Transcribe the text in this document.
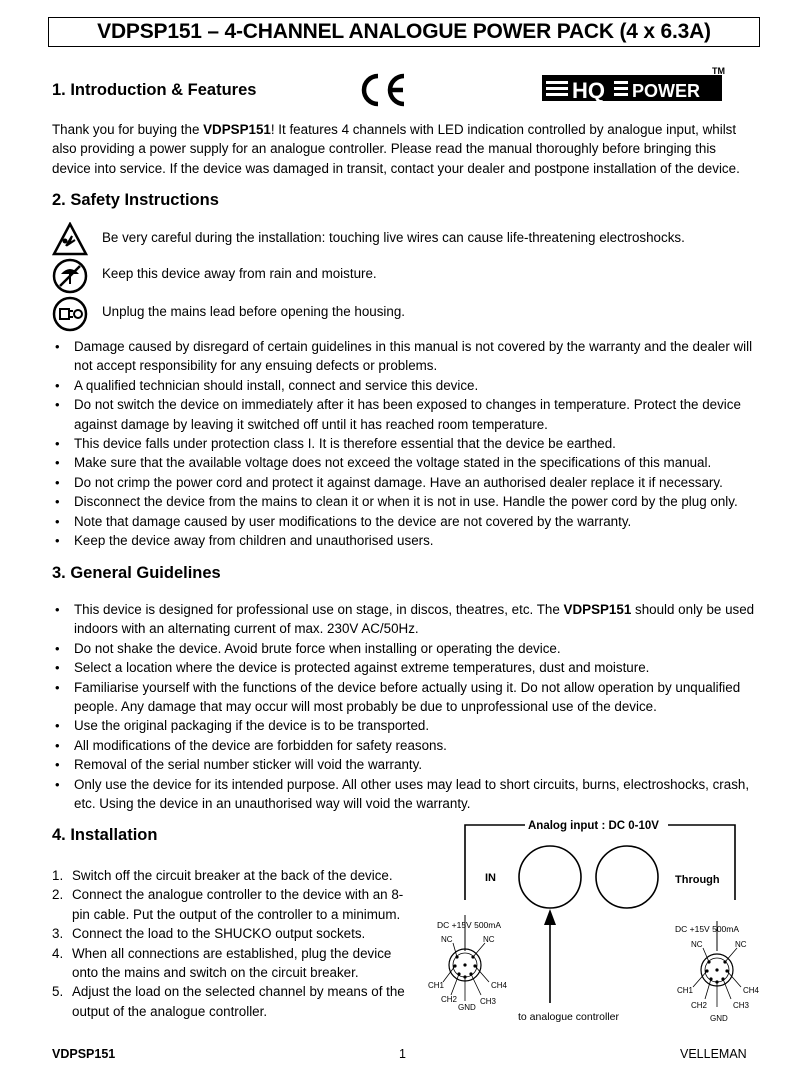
VDPSP151 – 4-CHANNEL ANALOGUE POWER PACK (4 x 6.3A)
1. Introduction & Features	HQ POWER
TM

Thank you for buying the VDPSP151! It features 4 channels with LED indication controlled by analogue input, whilst also providing a power supply for an analogue controller. Please read the manual thoroughly before bringing this device into service. If the device was damaged in transit, contact your dealer and postpone installation of the device.

2. Safety Instructions
Be very careful during the installation: touching live wires can cause life-threatening electroshocks.
Keep this device away from rain and moisture.
Unplug the mains lead before opening the housing.
• Damage caused by disregard of certain guidelines in this manual is not covered by the warranty and the dealer will not accept responsibility for any ensuing defects or problems.
• A qualified technician should install, connect and service this device.
• Do not switch the device on immediately after it has been exposed to changes in temperature. Protect the device against damage by leaving it switched off until it has reached room temperature.
• This device falls under protection class I. It is therefore essential that the device be earthed.
• Make sure that the available voltage does not exceed the voltage stated in the specifications of this manual.
• Do not crimp the power cord and protect it against damage. Have an authorised dealer replace it if necessary.
• Disconnect the device from the mains to clean it or when it is not in use. Handle the power cord by the plug only.
• Note that damage caused by user modifications to the device are not covered by the warranty.
• Keep the device away from children and unauthorised users.
3. General Guidelines
• This device is designed for professional use on stage, in discos, theatres, etc. The VDPSP151 should only be used indoors with an alternating current of max. 230V AC/50Hz.
• Do not shake the device. Avoid brute force when installing or operating the device.
• Select a location where the device is protected against extreme temperatures, dust and moisture.
• Familiarise yourself with the functions of the device before actually using it. Do not allow operation by unqualified people. Any damage that may occur will most probably be due to unprofessional use of the device.
• Use the original packaging if the device is to be transported.
• All modifications of the device are forbidden for safety reasons.
• Removal of the serial number sticker will void the warranty.
• Only use the device for its intended purpose. All other uses may lead to short circuits, burns, electroshocks, crash, etc. Using the device in an unauthorised way will void the warranty.
4. Installation
1. Switch off the circuit breaker at the back of the device.
2. Connect the analogue controller to the device with an 8-pin cable. Put the output of the controller to a minimum.
3. Connect the load to the SHUCKO output sockets.
4. When all connections are established, plug the device onto the mains and switch on the circuit breaker.
5. Adjust the load on the selected channel by means of the output of the analogue controller.
Analog input : DC 0-10V
IN	Through
to analogue controller
DC +15V 500mA
NC	NC
CH1	CH4
CH2	CH3
GND
DC +15V 500mA
NC	NC
CH1	CH4
CH2	CH3
GND
VDPSP151	1	VELLEMAN
